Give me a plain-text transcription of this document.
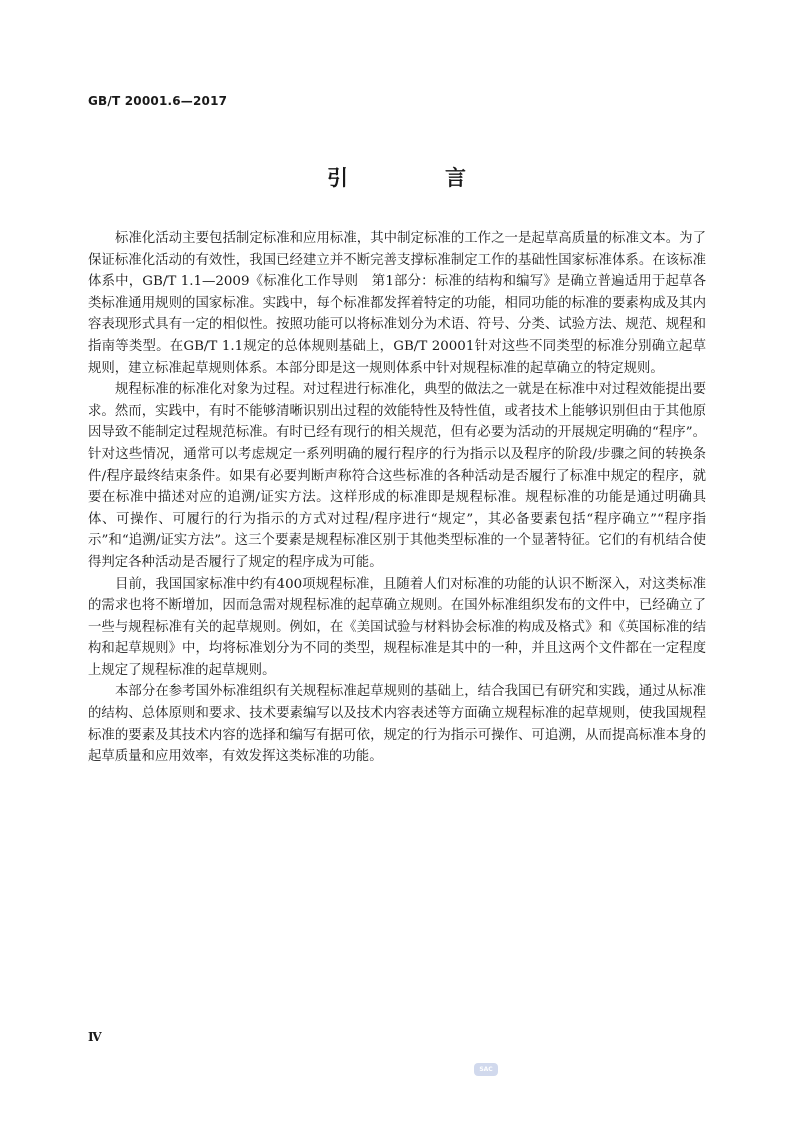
GB/T 20001.6—2017
引　言

标准化活动主要包括制定标准和应用标准，其中制定标准的工作之一是起草高质量的标准文本。为了保证标准化活动的有效性，我国已经建立并不断完善支撑标准制定工作的基础性国家标准体系。在该标准体系中，GB/T 1.1—2009《标准化工作导则　第1部分：标准的结构和编写》是确立普遍适用于起草各类标准通用规则的国家标准。实践中，每个标准都发挥着特定的功能，相同功能的标准的要素构成及其内容表现形式具有一定的相似性。按照功能可以将标准划分为术语、符号、分类、试验方法、规范、规程和指南等类型。在GB/T 1.1规定的总体规则基础上，GB/T 20001针对这些不同类型的标准分别确立起草规则，建立标准起草规则体系。本部分即是这一规则体系中针对规程标准的起草确立的特定规则。

规程标准的标准化对象为过程。对过程进行标准化，典型的做法之一就是在标准中对过程效能提出要求。然而，实践中，有时不能够清晰识别出过程的效能特性及特性值，或者技术上能够识别但由于其他原因导致不能制定过程规范标准。有时已经有现行的相关规范，但有必要为活动的开展规定明确的“程序”。针对这些情况，通常可以考虑规定一系列明确的履行程序的行为指示以及程序的阶段/步骤之间的转换条件/程序最终结束条件。如果有必要判断声称符合这些标准的各种活动是否履行了标准中规定的程序，就要在标准中描述对应的追溯/证实方法。这样形成的标准即是规程标准。规程标准的功能是通过明确具体、可操作、可履行的行为指示的方式对过程/程序进行“规定”，其必备要素包括“程序确立”“程序指示”和“追溯/证实方法”。这三个要素是规程标准区别于其他类型标准的一个显著特征。它们的有机结合使得判定各种活动是否履行了规定的程序成为可能。

目前，我国国家标准中约有400项规程标准，且随着人们对标准的功能的认识不断深入，对这类标准的需求也将不断增加，因而急需对规程标准的起草确立规则。在国外标准组织发布的文件中，已经确立了一些与规程标准有关的起草规则。例如，在《美国试验与材料协会标准的构成及格式》和《英国标准的结构和起草规则》中，均将标准划分为不同的类型，规程标准是其中的一种，并且这两个文件都在一定程度上规定了规程标准的起草规则。

本部分在参考国外标准组织有关规程标准起草规则的基础上，结合我国已有研究和实践，通过从标准的结构、总体原则和要求、技术要素编写以及技术内容表述等方面确立规程标准的起草规则，使我国规程标准的要素及其技术内容的选择和编写有据可依，规定的行为指示可操作、可追溯，从而提高标准本身的起草质量和应用效率，有效发挥这类标准的功能。

Ⅳ
SAC
